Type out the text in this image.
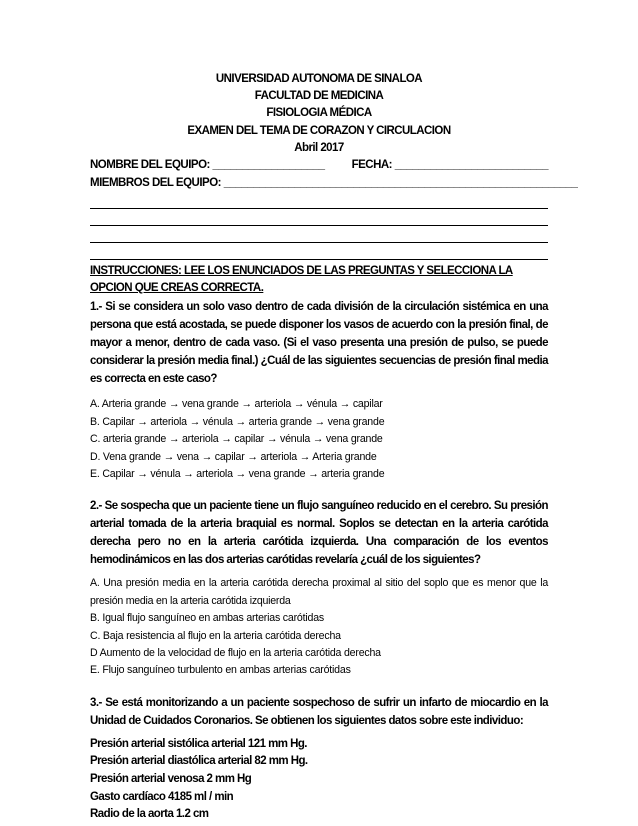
UNIVERSIDAD AUTONOMA DE SINALOA
FACULTAD DE MEDICINA
FISIOLOGIA MÉDICA
EXAMEN DEL TEMA DE CORAZON Y CIRCULACION
Abril 2017
NOMBRE DEL EQUIPO: ___________________ FECHA: __________________________
MIEMBROS DEL EQUIPO: ____________________________________________________________
INSTRUCCIONES: LEE LOS ENUNCIADOS DE LAS PREGUNTAS Y SELECCIONA LA OPCION QUE CREAS CORRECTA.
1.- Si se considera un solo vaso dentro de cada división de la circulación sistémica en una persona que está acostada, se puede disponer los vasos de acuerdo con la presión final, de mayor a menor, dentro de cada vaso. (Si el vaso presenta una presión de pulso, se puede considerar la presión media final.) ¿Cuál de las siguientes secuencias de presión final media es correcta en este caso?
A. Arteria grande → vena grande → arteriola → vénula → capilar
B. Capilar → arteriola → vénula → arteria grande → vena grande
C. arteria grande → arteriola → capilar → vénula → vena grande
D. Vena grande → vena → capilar → arteriola → Arteria grande
E. Capilar → vénula → arteriola → vena grande → arteria grande
2.- Se sospecha que un paciente tiene un flujo sanguíneo reducido en el cerebro. Su presión arterial tomada de la arteria braquial es normal. Soplos se detectan en la arteria carótida derecha pero no en la arteria carótida izquierda. Una comparación de los eventos hemodinámicos en las dos arterias carótidas revelaría ¿cuál de los siguientes?
A. Una presión media en la arteria carótida derecha proximal al sitio del soplo que es menor que la presión media en la arteria carótida izquierda
B. Igual flujo sanguíneo en ambas arterias carótidas
C. Baja resistencia al flujo en la arteria carótida derecha
D Aumento de la velocidad de flujo en la arteria carótida derecha
E. Flujo sanguíneo turbulento en ambas arterias carótidas
3.- Se está monitorizando a un paciente sospechoso de sufrir un infarto de miocardio en la Unidad de Cuidados Coronarios. Se obtienen los siguientes datos sobre este individuo:
Presión arterial sistólica arterial 121 mm Hg.
Presión arterial diastólica arterial 82 mm Hg.
Presión arterial venosa 2 mm Hg
Gasto cardíaco 4185 ml / min
Radio de la aorta 1.2 cm
